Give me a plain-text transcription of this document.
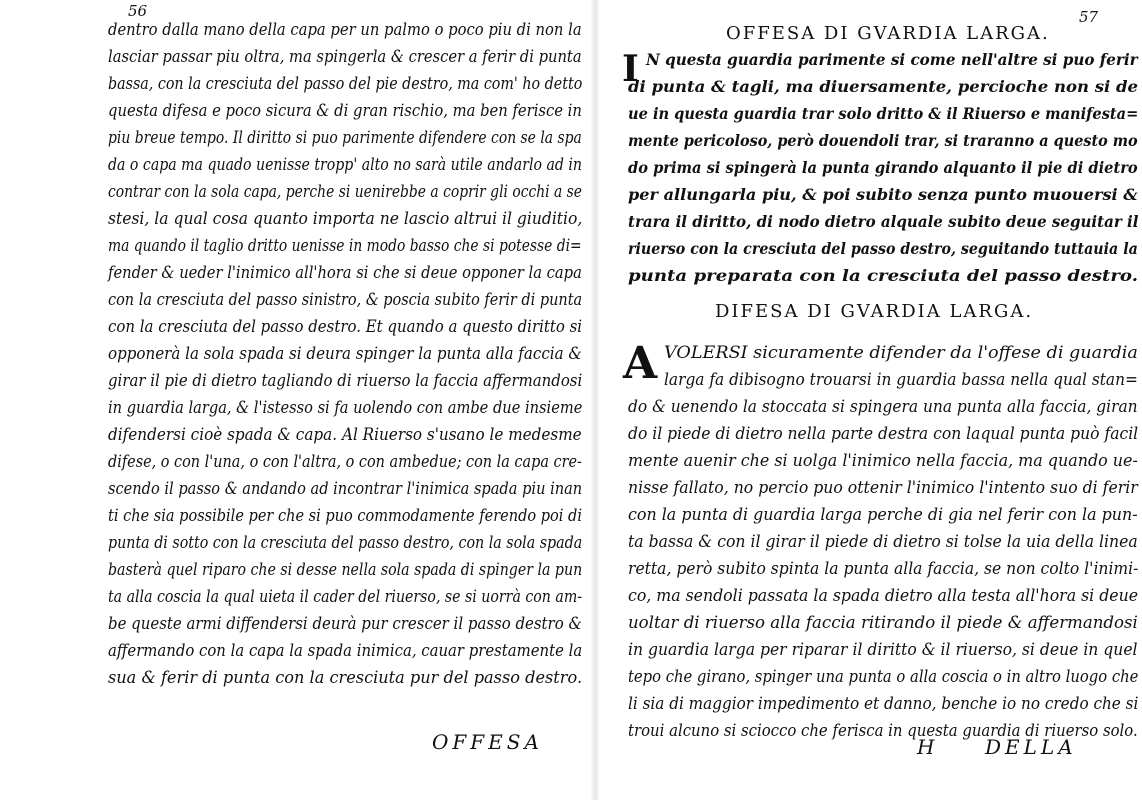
56
dentro dalla mano della capa per un palmo o poco piu di non la
lasciar passar piu oltra, ma spingerla & crescer a ferir di punta
bassa, con la cresciuta del passo del pie destro, ma com' ho detto
questa difesa e poco sicura & di gran rischio, ma ben ferisce in
piu breue tempo. Il diritto si puo parimente difendere con se la spa
da o capa ma quado uenisse tropp' alto no sarà utile andarlo ad in
contrar con la sola capa, perche si uenirebbe a coprir gli occhi a se
stesi, la qual cosa quanto importa ne lascio altrui il giuditio,
ma quando il taglio dritto uenisse in modo basso che si potesse di=
fender & ueder l'inimico all'hora si che si deue opponer la capa
con la cresciuta del passo sinistro, & poscia subito ferir di punta
con la cresciuta del passo destro. Et quando a questo diritto si
opponerà la sola spada si deura spinger la punta alla faccia &
girar il pie di dietro tagliando di riuerso la faccia affermandosi
in guardia larga, & l'istesso si fa uolendo con ambe due insieme
difendersi cioè spada & capa. Al Riuerso s'usano le medesme
difese, o con l'una, o con l'altra, o con ambedue; con la capa cre-
scendo il passo & andando ad incontrar l'inimica spada piu inan
ti che sia possibile per che si puo commodamente ferendo poi di
punta di sotto con la cresciuta del passo destro, con la sola spada
basterà quel riparo che si desse nella sola spada di spinger la pun
ta alla coscia la qual uieta il cader del riuerso, se si uorrà con am-
be queste armi diffendersi deurà pur crescer il passo destro &
affermando con la capa la spada inimica, cauar prestamente la
sua & ferir di punta con la cresciuta pur del passo destro.
OFFESA
57
OFFESA DI GVARDIA LARGA.
I N questa guardia parimente si come nell'altre si puo ferir
di punta & tagli, ma diuersamente, percioche non si de
ue in questa guardia trar solo dritto & il Riuerso e manifesta=
mente pericoloso, però douendoli trar, si traranno a questo mo
do prima si spingerà la punta girando alquanto il pie di dietro
per allungarla piu, & poi subito senza punto muouersi &
trara il diritto, di nodo dietro alquale subito deue seguitar il
riuerso con la cresciuta del passo destro, seguitando tuttauia la
punta preparata con la cresciuta del passo destro.
DIFESA DI GVARDIA LARGA.
A VOLERSI sicuramente difender da l'offese di guardia
larga fa dibisogno trouarsi in guardia bassa nella qual stan=
do & uenendo la stoccata si spingera una punta alla faccia, giran
do il piede di dietro nella parte destra con laqual punta può facil
mente auenir che si uolga l'inimico nella faccia, ma quando ue-
nisse fallato, no percio puo ottenir l'inimico l'intento suo di ferir
con la punta di guardia larga perche di gia nel ferir con la pun-
ta bassa & con il girar il piede di dietro si tolse la uia della linea
retta, però subito spinta la punta alla faccia, se non colto l'inimi-
co, ma sendoli passata la spada dietro alla testa all'hora si deue
uoltar di riuerso alla faccia ritirando il piede & affermandosi
in guardia larga per riparar il diritto & il riuerso, si deue in quel
tepo che girano, spinger una punta o alla coscia o in altro luogo che
li sia di maggior impedimento et danno, benche io no credo che si
troui alcuno si sciocco che ferisca in questa guardia di riuerso solo.
H	DELLA
